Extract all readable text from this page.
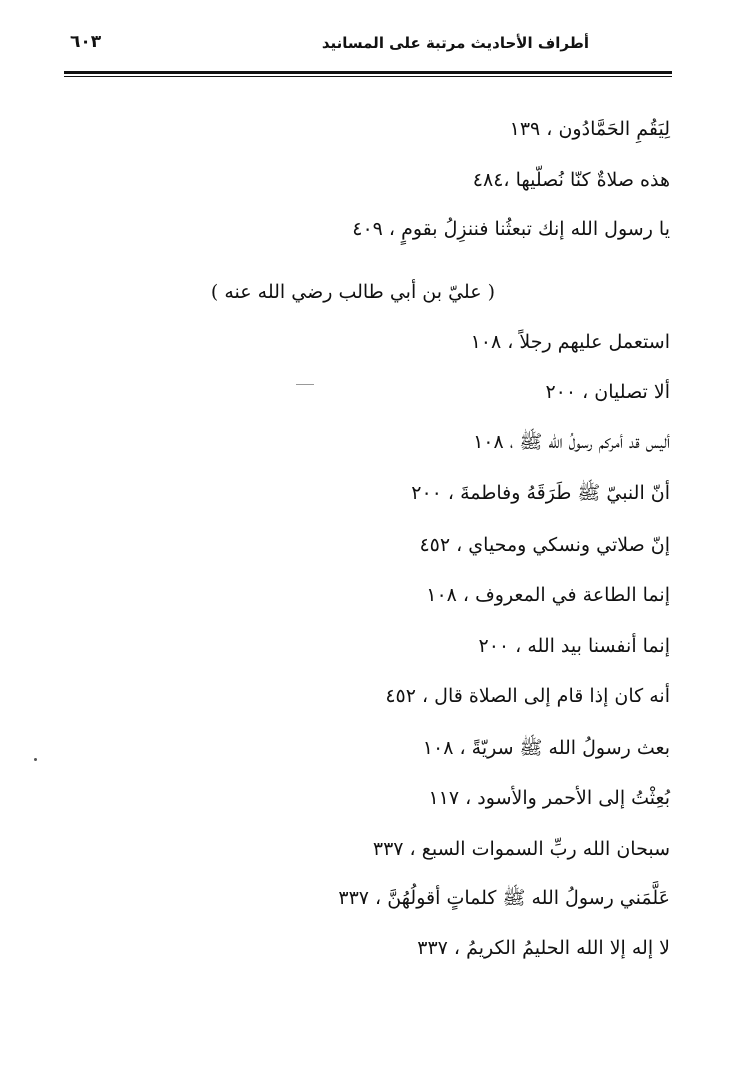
أطراف الأحاديث مرتبة على المسانيد
٦٠٣
لِيَقُمِ الحَمَّادُون ، ١٣٩
هذه صلاةٌ كنّا نُصلّيها ،٤٨٤
يا رسول الله إنك تبعثُنا فننزِلُ بقومٍ ، ٤٠٩
( عليّ بن أبي طالب رضي الله عنه )
استعمل عليهم رجلاً ، ١٠٨
ألا تصليان ، ٢٠٠
أليس قد أمركم رسولُ الله ﷺ ، ١٠٨
أنّ النبيّ ﷺ طَرَقَهُ وفاطمةَ ، ٢٠٠
إنّ صلاتي ونسكي ومحياي ، ٤٥٢
إنما الطاعة في المعروف ، ١٠٨
إنما أنفسنا بيد الله ، ٢٠٠
أنه كان إذا قام إلى الصلاة قال ، ٤٥٢
بعث رسولُ الله ﷺ سريّةً ، ١٠٨
بُعِثْتُ إلى الأحمر والأسود ، ١١٧
سبحان الله ربِّ السموات السبع ، ٣٣٧
عَلَّمَني رسولُ الله ﷺ كلماتٍ أقولُهُنَّ ، ٣٣٧
لا إله إلا الله الحليمُ الكريمُ ، ٣٣٧
